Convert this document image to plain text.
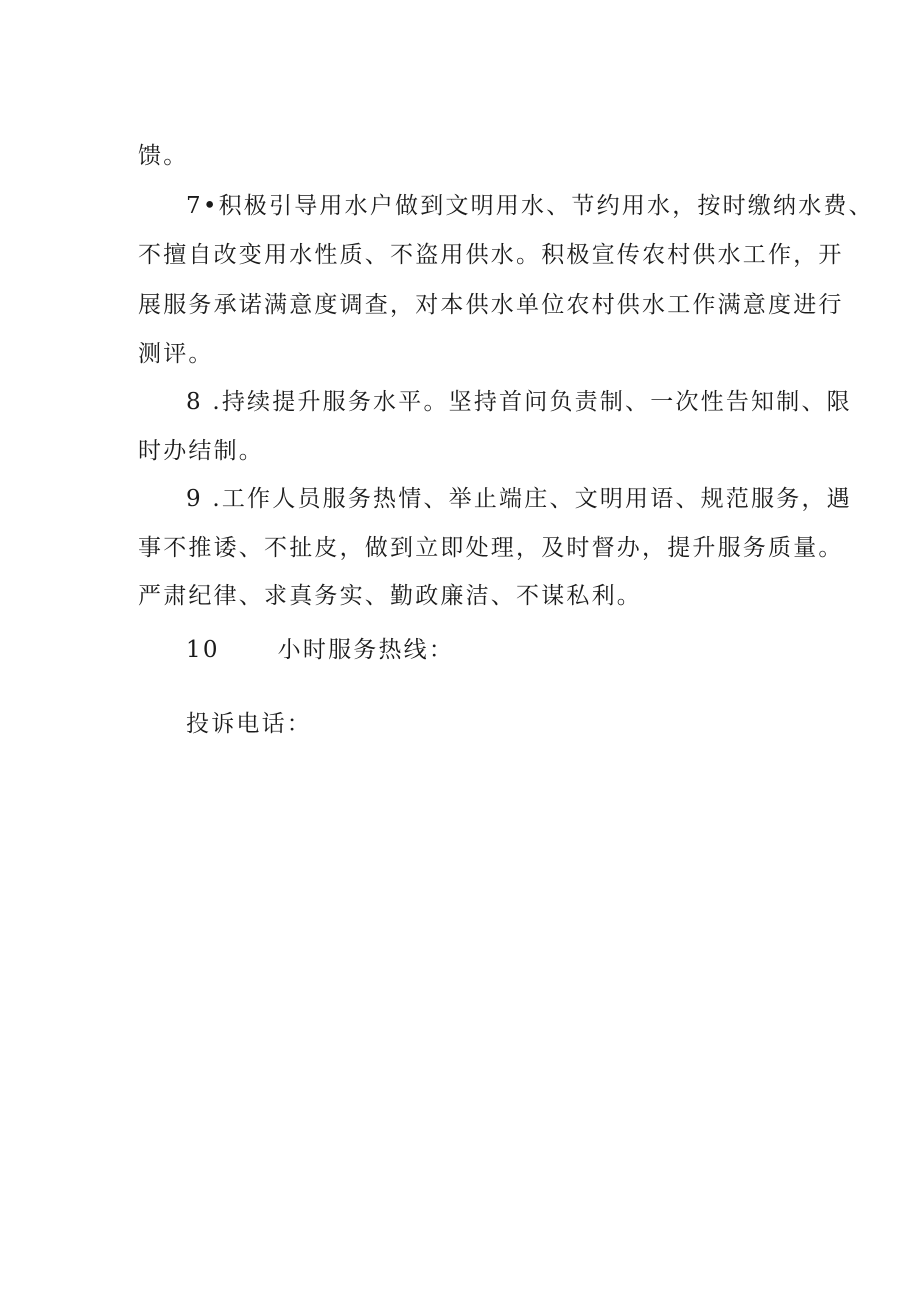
馈。
7•积极引导用水户做到文明用水、节约用水，按时缴纳水费、
不擅自改变用水性质、不盗用供水。积极宣传农村供水工作，开
展服务承诺满意度调查，对本供水单位农村供水工作满意度进行
测评。
8 .持续提升服务水平。坚持首问负责制、一次性告知制、限
时办结制。
9 .工作人员服务热情、举止端庄、文明用语、规范服务，遇
事不推诿、不扯皮，做到立即处理，及时督办，提升服务质量。
严肃纪律、求真务实、勤政廉洁、不谋私利。
10	小时服务热线：
投诉电话：
